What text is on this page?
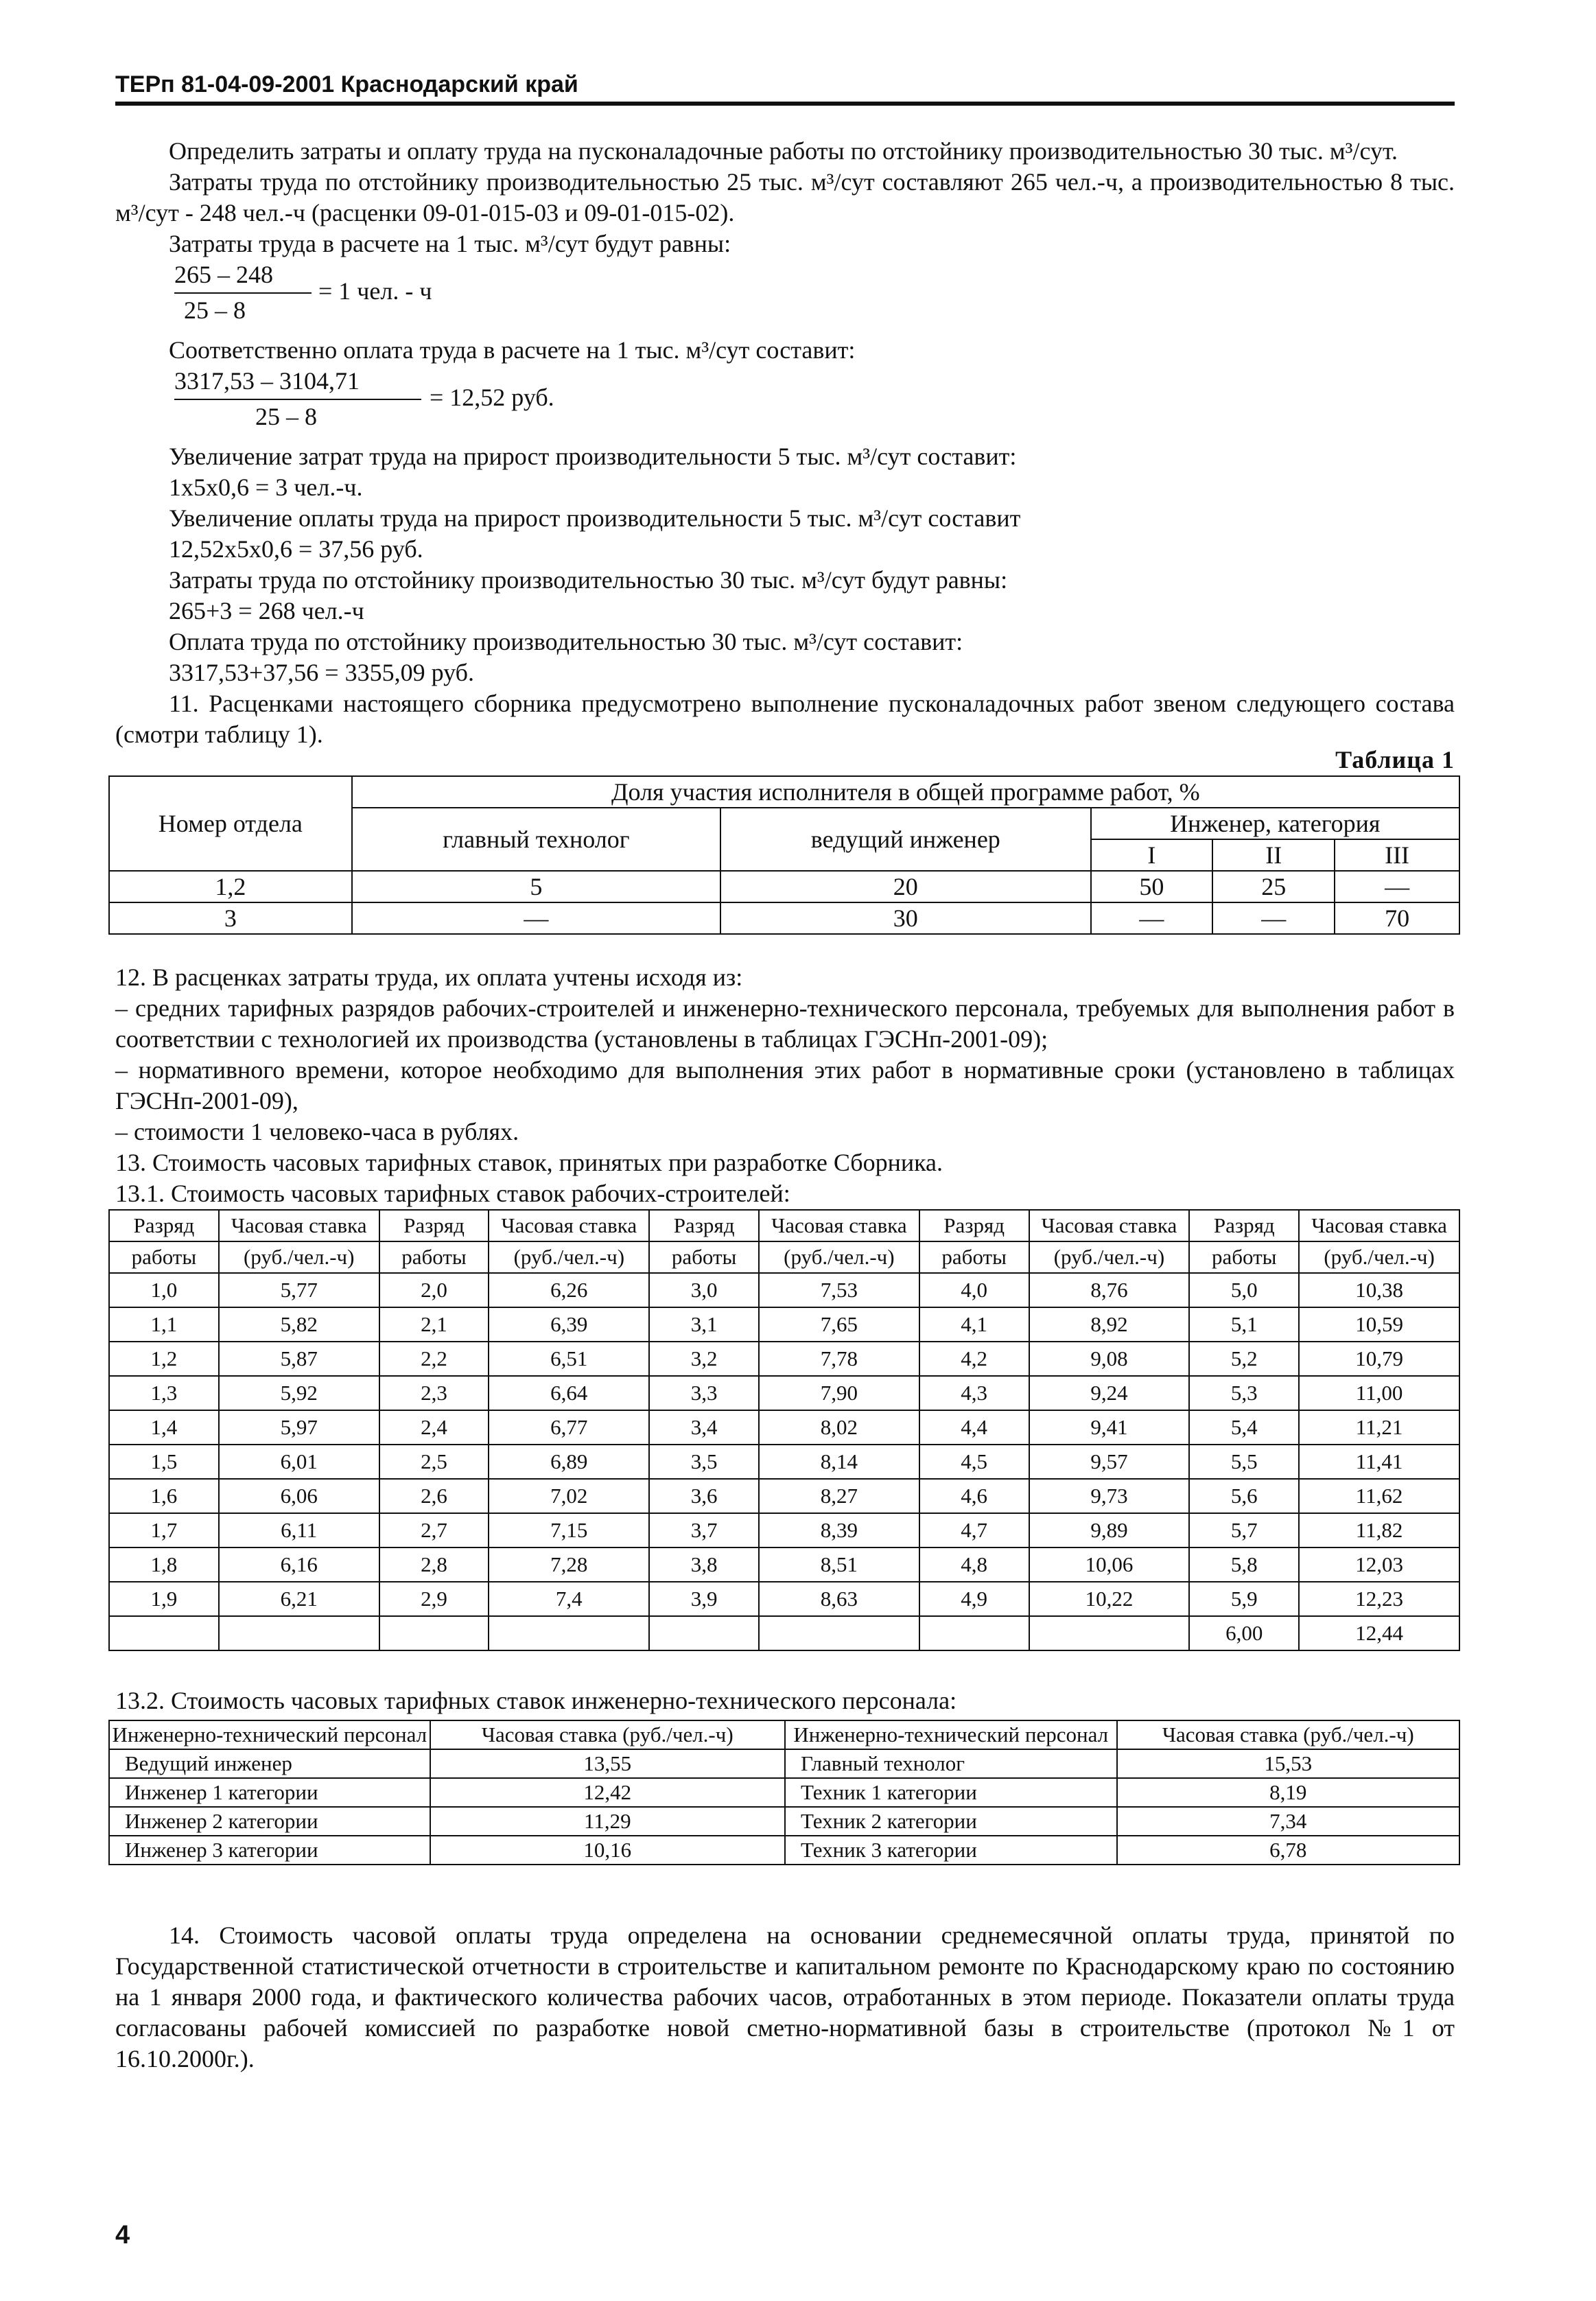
ТЕРп 81-04-09-2001 Краснодарский край

Определить затраты и оплату труда на пусконаладочные работы по отстойнику производительностью 30 тыс. м³/сут.

Затраты труда по отстойнику производительностью 25 тыс. м³/сут составляют 265 чел.-ч, а производительностью 8 тыс. м³/сут - 248 чел.-ч (расценки 09-01-015-03 и 09-01-015-02).

Затраты труда в расчете на 1 тыс. м³/сут будут равны:

265 – 248
25 – 8
= 1 чел. - ч

Соответственно оплата труда в расчете на 1 тыс. м³/сут составит:

3317,53 – 3104,71
25 – 8
= 12,52 руб.

Увеличение затрат труда на прирост производительности 5 тыс. м³/сут составит:

1x5x0,6 = 3 чел.-ч.

Увеличение оплаты труда на прирост производительности 5 тыс. м³/сут составит

12,52x5x0,6 = 37,56 руб.

Затраты труда по отстойнику производительностью 30 тыс. м³/сут будут равны:

265+3 = 268 чел.-ч

Оплата труда по отстойнику производительностью 30 тыс. м³/сут составит:

3317,53+37,56 = 3355,09 руб.

11. Расценками настоящего сборника предусмотрено выполнение пусконаладочных работ звеном следующего состава (смотри таблицу 1).

Таблица 1
Номер отдела	Доля участия исполнителя в общей программе работ, %				
	главный технолог	ведущий инженер	Инженер, категория		
			I	II	III
1,2	5	20	50	25	—
3	—	30	—	—	70

12. В расценках затраты труда, их оплата учтены исходя из:

– средних тарифных разрядов рабочих-строителей и инженерно-технического персонала, требуемых для выполнения работ в соответствии с технологией их производства (установлены в таблицах ГЭСНп-2001-09);

– нормативного времени, которое необходимо для выполнения этих работ в нормативные сроки (установлено в таблицах ГЭСНп-2001-09),

– стоимости 1 человеко-часа в рублях.

13. Стоимость часовых тарифных ставок, принятых при разработке Сборника.

13.1. Стоимость часовых тарифных ставок рабочих-строителей:

Разряд	Часовая ставка	Разряд	Часовая ставка	Разряд	Часовая ставка	Разряд	Часовая ставка	Разряд	Часовая ставка
работы	(руб./чел.-ч)	работы	(руб./чел.-ч)	работы	(руб./чел.-ч)	работы	(руб./чел.-ч)	работы	(руб./чел.-ч)
1,0	5,77	2,0	6,26	3,0	7,53	4,0	8,76	5,0	10,38
1,1	5,82	2,1	6,39	3,1	7,65	4,1	8,92	5,1	10,59
1,2	5,87	2,2	6,51	3,2	7,78	4,2	9,08	5,2	10,79
1,3	5,92	2,3	6,64	3,3	7,90	4,3	9,24	5,3	11,00
1,4	5,97	2,4	6,77	3,4	8,02	4,4	9,41	5,4	11,21
1,5	6,01	2,5	6,89	3,5	8,14	4,5	9,57	5,5	11,41
1,6	6,06	2,6	7,02	3,6	8,27	4,6	9,73	5,6	11,62
1,7	6,11	2,7	7,15	3,7	8,39	4,7	9,89	5,7	11,82
1,8	6,16	2,8	7,28	3,8	8,51	4,8	10,06	5,8	12,03
1,9	6,21	2,9	7,4	3,9	8,63	4,9	10,22	5,9	12,23
								6,00	12,44

13.2. Стоимость часовых тарифных ставок инженерно-технического персонала:

Инженерно-технический персонал	Часовая ставка (руб./чел.-ч)	Инженерно-технический персонал	Часовая ставка (руб./чел.-ч)
Ведущий инженер	13,55	Главный технолог	15,53
Инженер 1 категории	12,42	Техник 1 категории	8,19
Инженер 2 категории	11,29	Техник 2 категории	7,34
Инженер 3 категории	10,16	Техник 3 категории	6,78

14. Стоимость часовой оплаты труда определена на основании среднемесячной оплаты труда, принятой по Государственной статистической отчетности в строительстве и капитальном ремонте по Краснодарскому краю по состоянию на 1 января 2000 года, и фактического количества рабочих часов, отработанных в этом периоде. Показатели оплаты труда согласованы рабочей комиссией по разработке новой сметно-нормативной базы в строительстве (протокол №1 от 16.10.2000г.).

4
